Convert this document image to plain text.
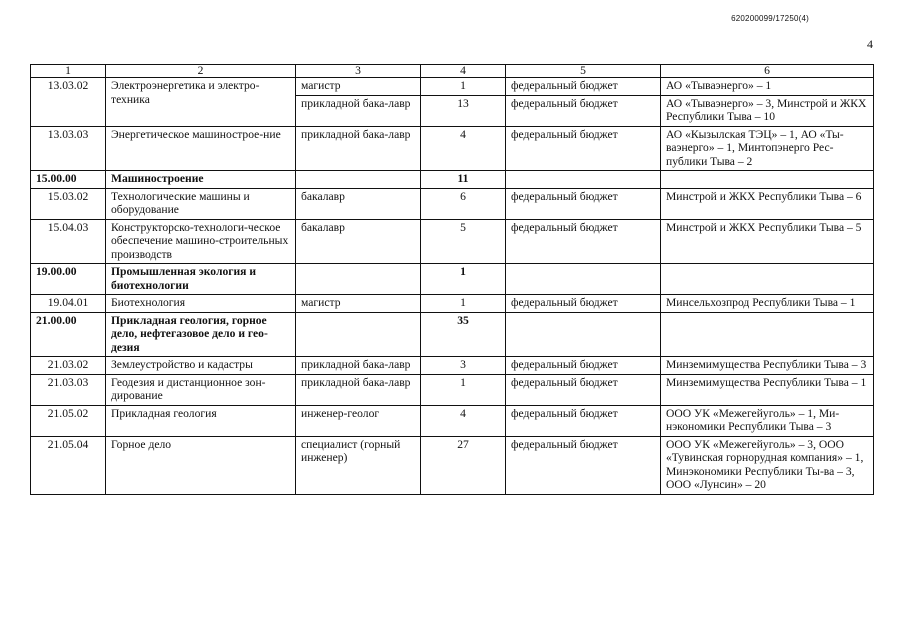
620200099/17250(4)
4
1	2	3	4	5	6
13.03.02	Электроэнергетика и электро-техника	магистр	1	федеральный бюджет	АО «Тываэнерго» – 1
		прикладной бака-лавр	13	федеральный бюджет	АО «Тываэнерго» – 3, Минстрой и ЖКХ Республики Тыва – 10
13.03.03	Энергетическое машинострое-ние	прикладной бака-лавр	4	федеральный бюджет	АО «Кызылская ТЭЦ» – 1, АО «Ты-ваэнерго» – 1, Минтопэнерго Рес-публики Тыва – 2
15.00.00	Машиностроение		11		
15.03.02	Технологические машины и оборудование	бакалавр	6	федеральный бюджет	Минстрой и ЖКХ Республики Тыва – 6
15.04.03	Конструкторско-технологи-ческое обеспечение машино-строительных производств	бакалавр	5	федеральный бюджет	Минстрой и ЖКХ Республики Тыва – 5
19.00.00	Промышленная экология и биотехнологии		1		
19.04.01	Биотехнология	магистр	1	федеральный бюджет	Минсельхозпрод Республики Тыва – 1
21.00.00	Прикладная геология, горное дело, нефтегазовое дело и гео-дезия		35		
21.03.02	Землеустройство и кадастры	прикладной бака-лавр	3	федеральный бюджет	Минземимущества Республики Тыва – 3
21.03.03	Геодезия и дистанционное зон-дирование	прикладной бака-лавр	1	федеральный бюджет	Минземимущества Республики Тыва – 1
21.05.02	Прикладная геология	инженер-геолог	4	федеральный бюджет	ООО УК «Межегейуголь» – 1, Ми-нэкономики Республики Тыва – 3
21.05.04	Горное дело	специалист (горный инженер)	27	федеральный бюджет	ООО УК «Межегейуголь» – 3, ООО «Тувинская горнорудная компания» – 1, Минэкономики Республики Ты-ва – 3, ООО «Лунсин» – 20
